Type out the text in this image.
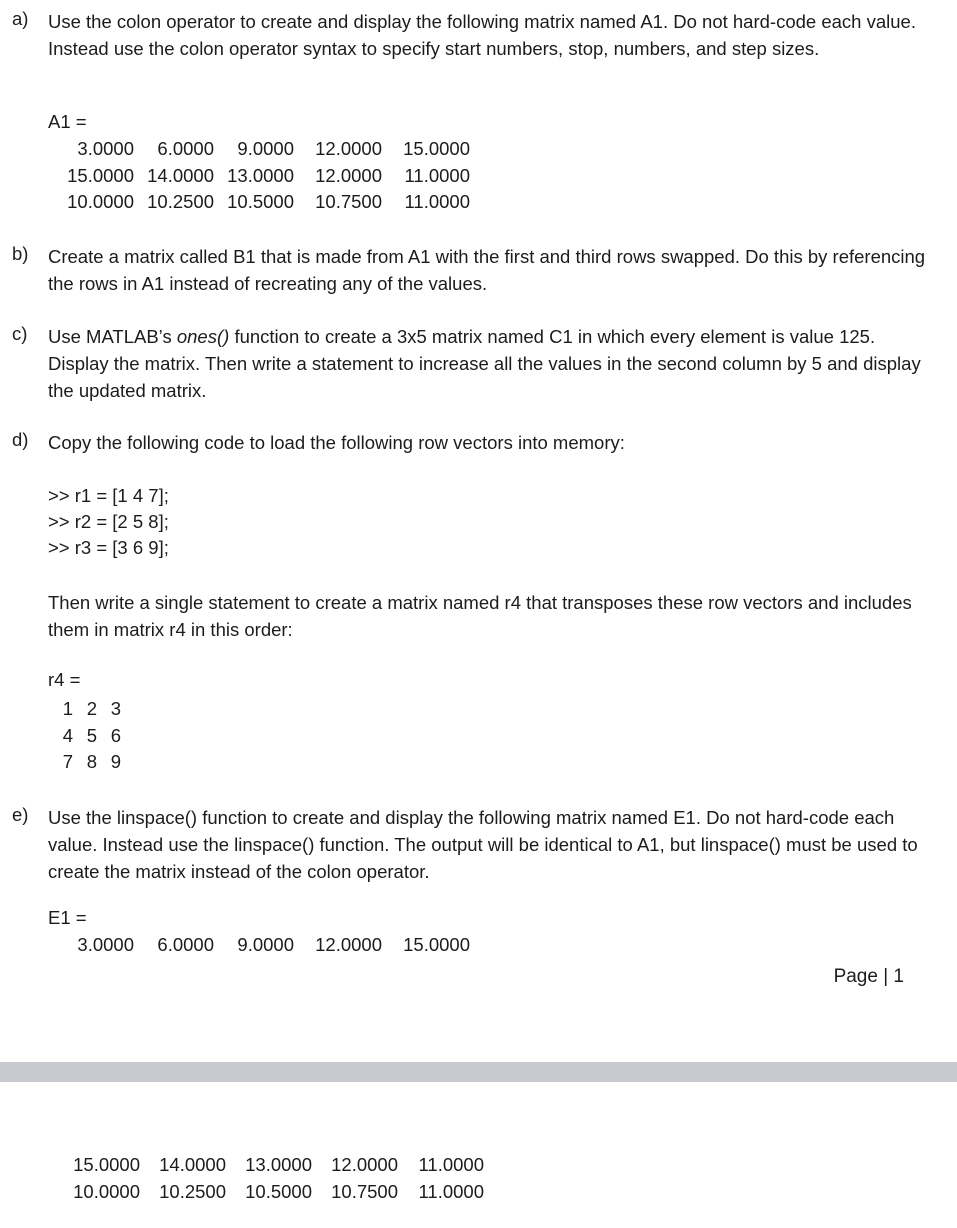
a) Use the colon operator to create and display the following matrix named A1. Do not hard-code each value. Instead use the colon operator syntax to specify start numbers, stop, numbers, and step sizes.
A1 =
3.0000	6.0000	9.0000	12.0000	15.0000
15.0000	14.0000	13.0000	12.0000	11.0000
10.0000	10.2500	10.5000	10.7500	11.0000
b) Create a matrix called B1 that is made from A1 with the first and third rows swapped. Do this by referencing the rows in A1 instead of recreating any of the values.
c) Use MATLAB’s ones() function to create a 3x5 matrix named C1 in which every element is value 125. Display the matrix. Then write a statement to increase all the values in the second column by 5 and display the updated matrix.
d) Copy the following code to load the following row vectors into memory:
>> r1 = [1 4 7];
>> r2 = [2 5 8];
>> r3 = [3 6 9];
Then write a single statement to create a matrix named r4 that transposes these row vectors and includes them in matrix r4 in this order:
r4 =
1	2	3
4	5	6
7	8	9
e) Use the linspace() function to create and display the following matrix named E1. Do not hard-code each value. Instead use the linspace() function. The output will be identical to A1, but linspace() must be used to create the matrix instead of the colon operator.
E1 =
3.0000	6.0000	9.0000	12.0000	15.0000
Page | 1
15.0000	14.0000	13.0000	12.0000	11.0000
10.0000	10.2500	10.5000	10.7500	11.0000
